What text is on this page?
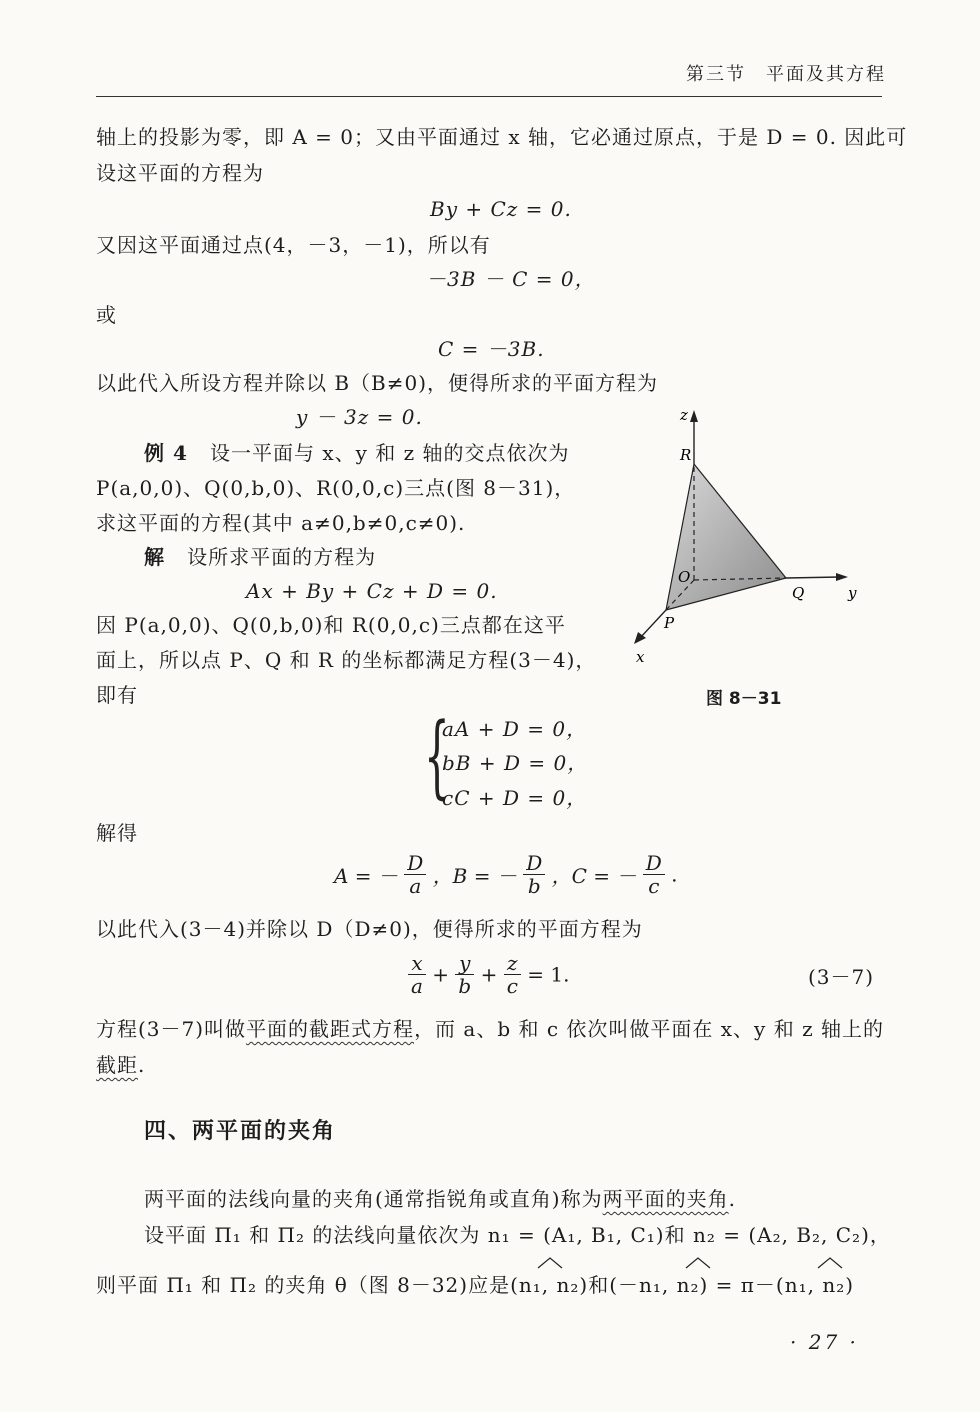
第三节　平面及其方程
轴上的投影为零，即 A = 0；又由平面通过 x 轴，它必通过原点，于是 D = 0. 因此可
设这平面的方程为
By + Cz = 0.
又因这平面通过点(4，－3，－1)，所以有
－3B － C = 0，
或
C = －3B.
以此代入所设方程并除以 B（B≠0)，便得所求的平面方程为
y － 3z = 0.
例 4 设一平面与 x、y 和 z 轴的交点依次为
P(a,0,0)、Q(0,b,0)、R(0,0,c)三点(图 8－31)，
求这平面的方程(其中 a≠0,b≠0,c≠0).
解 设所求平面的方程为
Ax + By + Cz + D = 0.
因 P(a,0,0)、Q(0,b,0)和 R(0,0,c)三点都在这平
面上，所以点 P、Q 和 R 的坐标都满足方程(3－4)，
即有
z
y
x
R
O
Q
P
图 8－31
{
aA + D = 0，
bB + D = 0，
cC + D = 0，
解得
A = － $\frac{D}{a}$ ，B = － $\frac{D}{b}$ ，C = － $\frac{D}{c}$ .
以此代入(3－4)并除以 D（D≠0)，便得所求的平面方程为
$\frac{x}{a} + \frac{y}{b} + \frac{z}{c} = 1$.	(3－7)
方程(3－7)叫做平面的截距式方程，而 a、b 和 c 依次叫做平面在 x、y 和 z 轴上的
截距.
四、两平面的夹角
两平面的法线向量的夹角(通常指锐角或直角)称为两平面的夹角.
设平面 Π₁ 和 Π₂ 的法线向量依次为 n₁ = (A₁, B₁, C₁)和 n₂ = (A₂, B₂, C₂)，
则平面 Π₁ 和 Π₂ 的夹角 θ（图 8－32)应是(n₁, n₂)和(－n₁, n₂) = π－(n₁, n₂)
· 27 ·
